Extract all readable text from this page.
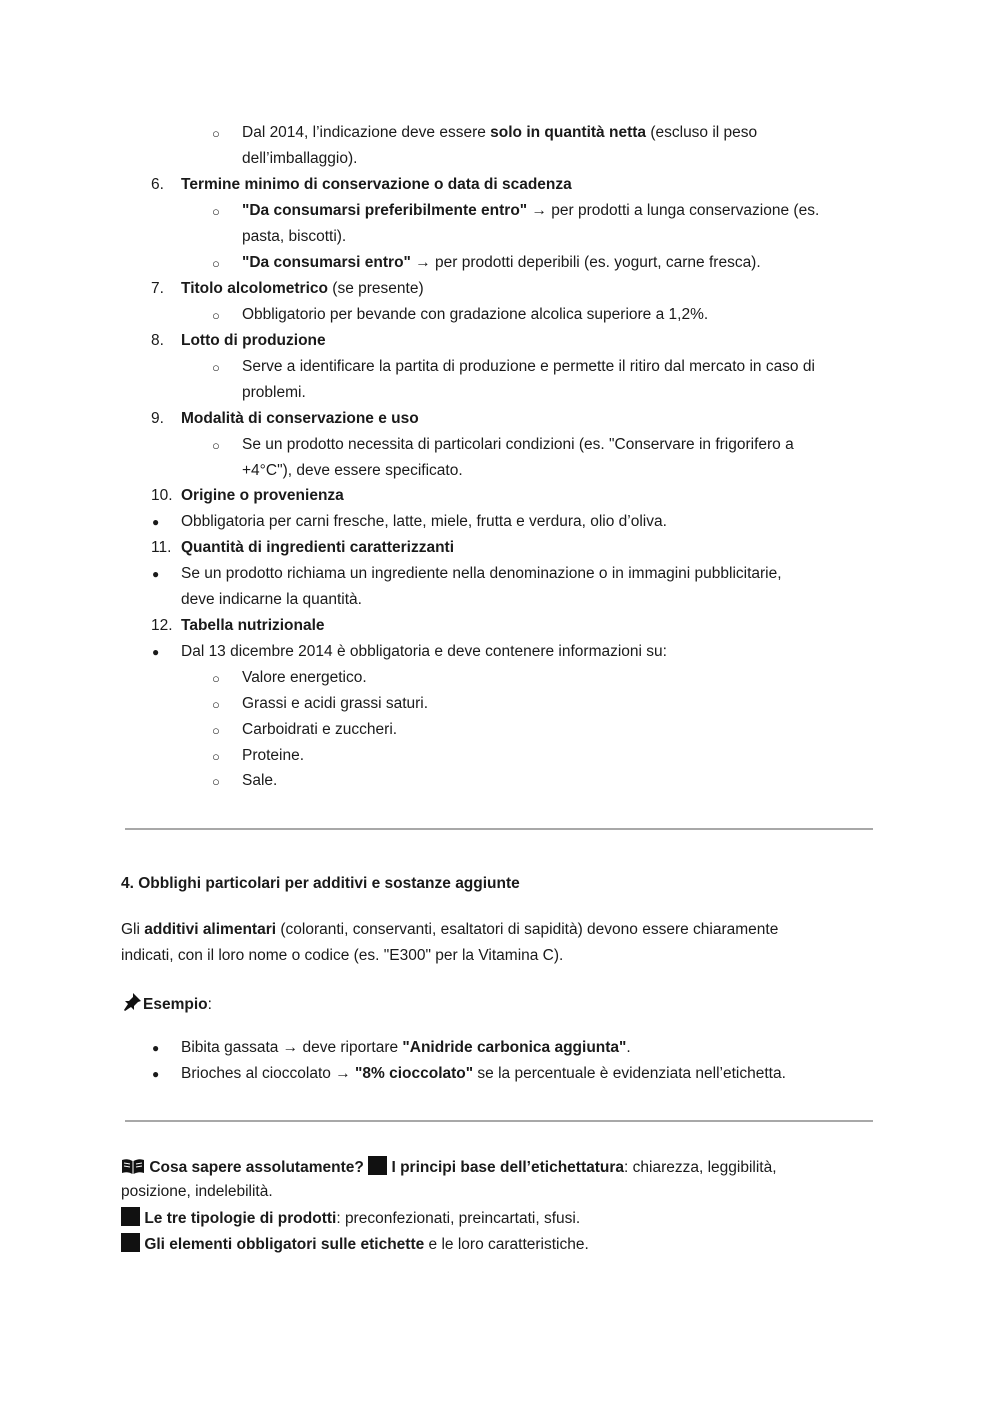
○ Dal 2014, l’indicazione deve essere solo in quantità netta (escluso il peso
dell’imballaggio).
6. Termine minimo di conservazione o data di scadenza
○ "Da consumarsi preferibilmente entro" → per prodotti a lunga conservazione (es.
pasta, biscotti).
○ "Da consumarsi entro" → per prodotti deperibili (es. yogurt, carne fresca).
7. Titolo alcolometrico (se presente)
○ Obbligatorio per bevande con gradazione alcolica superiore a 1,2%.
8. Lotto di produzione
○ Serve a identificare la partita di produzione e permette il ritiro dal mercato in caso di
problemi.
9. Modalità di conservazione e uso
○ Se un prodotto necessita di particolari condizioni (es. "Conservare in frigorifero a
+4°C"), deve essere specificato.
10. Origine o provenienza
● Obbligatoria per carni fresche, latte, miele, frutta e verdura, olio d’oliva.
11. Quantità di ingredienti caratterizzanti
● Se un prodotto richiama un ingrediente nella denominazione o in immagini pubblicitarie,
deve indicarne la quantità.
12. Tabella nutrizionale
● Dal 13 dicembre 2014 è obbligatoria e deve contenere informazioni su:
○ Valore energetico.
○ Grassi e acidi grassi saturi.
○ Carboidrati e zuccheri.
○ Proteine.
○ Sale.
4. Obblighi particolari per additivi e sostanze aggiunte
Gli additivi alimentari (coloranti, conservanti, esaltatori di sapidità) devono essere chiaramente
indicati, con il loro nome o codice (es. "E300" per la Vitamina C).
Esempio:
● Bibita gassata → deve riportare "Anidride carbonica aggiunta".
● Brioches al cioccolato → "8% cioccolato" se la percentuale è evidenziata nell’etichetta.
Cosa sapere assolutamente? I principi base dell’etichettatura: chiarezza, leggibilità,
posizione, indelebilità.
Le tre tipologie di prodotti: preconfezionati, preincartati, sfusi.
Gli elementi obbligatori sulle etichette e le loro caratteristiche.
